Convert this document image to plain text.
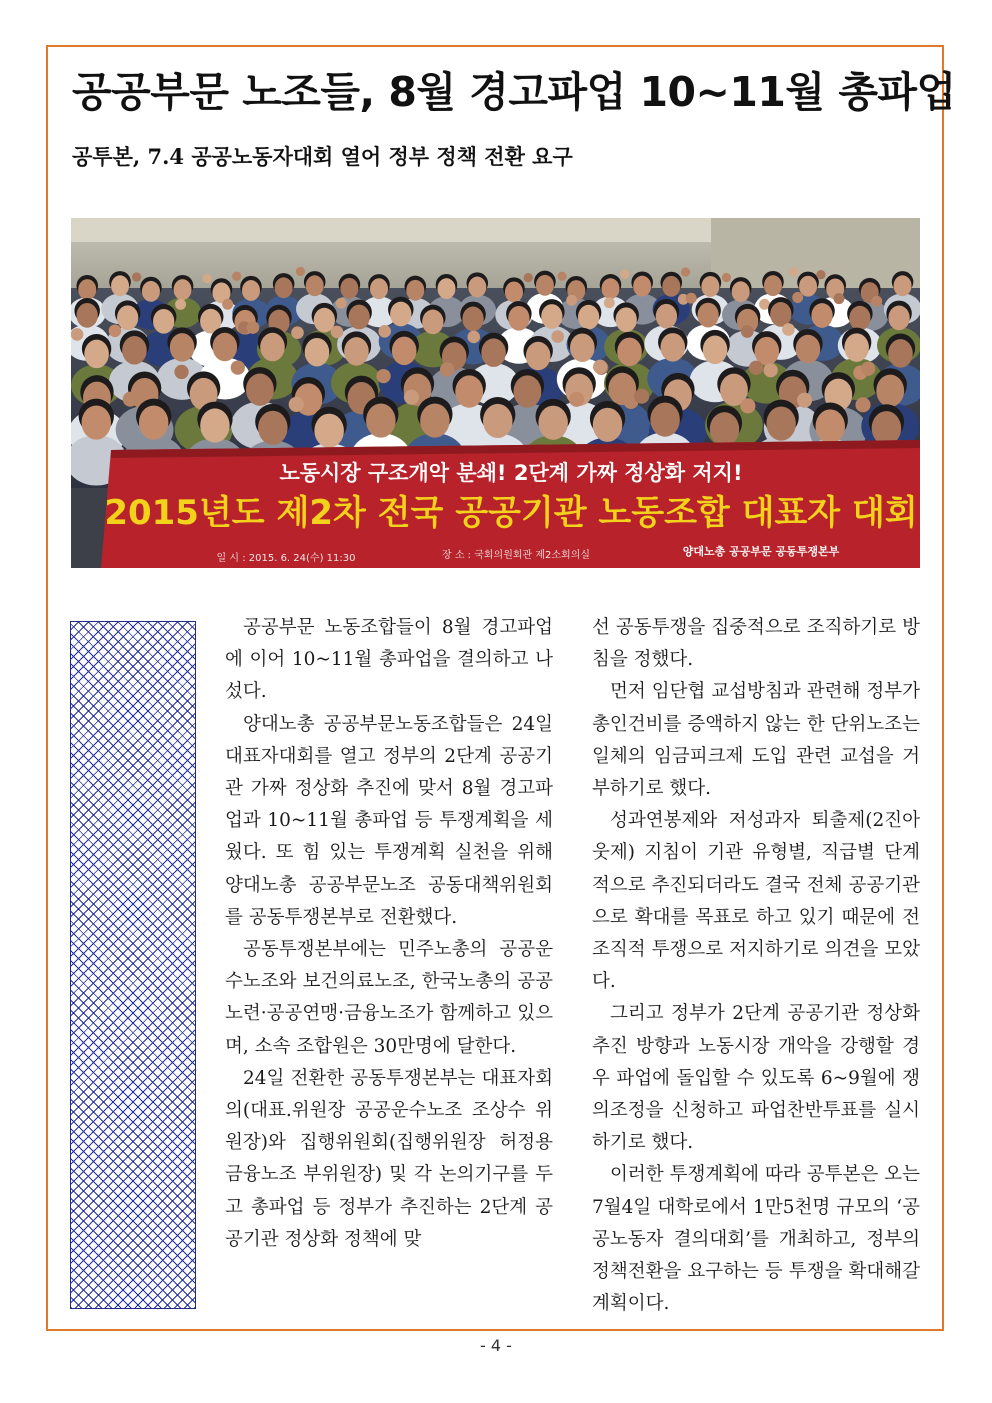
공공부문 노조들, 8월 경고파업 10~11월 총파업
공투본, 7.4 공공노동자대회 열어 정부 정책 전환 요구
노동시장 구조개악 분쇄! 2단계 가짜 정상화 저지!
2015년도 제2차 전국 공공기관 노동조합 대표자 대회
일 시 : 2015. 6. 24(수) 11:30	장 소 : 국회의원회관 제2소회의실	양대노총 공공부문 공동투쟁본부

공공부문 노동조합들이 8월 경고파업에 이어 10~11월 총파업을 결의하고 나섰다.

양대노총 공공부문노동조합들은 24일 대표자대회를 열고 정부의 2단계 공공기관 가짜 정상화 추진에 맞서 8월 경고파업과 10~11월 총파업 등 투쟁계획을 세웠다. 또 힘 있는 투쟁계획 실천을 위해 양대노총 공공부문노조 공동대책위원회를 공동투쟁본부로 전환했다.

공동투쟁본부에는 민주노총의 공공운수노조와 보건의료노조, 한국노총의 공공노련·공공연맹·금융노조가 함께하고 있으며, 소속 조합원은 30만명에 달한다.

24일 전환한 공동투쟁본부는 대표자회의(대표.위원장 공공운수노조 조상수 위원장)와 집행위원회(집행위원장 허정용 금융노조 부위원장) 및 각 논의기구를 두고 총파업 등 정부가 추진하는 2단계 공공기관 정상화 정책에 맞

선 공동투쟁을 집중적으로 조직하기로 방침을 정했다.

먼저 임단협 교섭방침과 관련해 정부가 총인건비를 증액하지 않는 한 단위노조는 일체의 임금피크제 도입 관련 교섭을 거부하기로 했다.

성과연봉제와 저성과자 퇴출제(2진아웃제) 지침이 기관 유형별, 직급별 단계적으로 추진되더라도 결국 전체 공공기관으로 확대를 목표로 하고 있기 때문에 전 조직적 투쟁으로 저지하기로 의견을 모았다.

그리고 정부가 2단계 공공기관 정상화 추진 방향과 노동시장 개악을 강행할 경우 파업에 돌입할 수 있도록 6~9월에 쟁의조정을 신청하고 파업찬반투표를 실시하기로 했다.

이러한 투쟁계획에 따라 공투본은 오는 7월4일 대학로에서 1만5천명 규모의 ‘공공노동자 결의대회’를 개최하고, 정부의 정책전환을 요구하는 등 투쟁을 확대해갈 계획이다.

- 4 -
